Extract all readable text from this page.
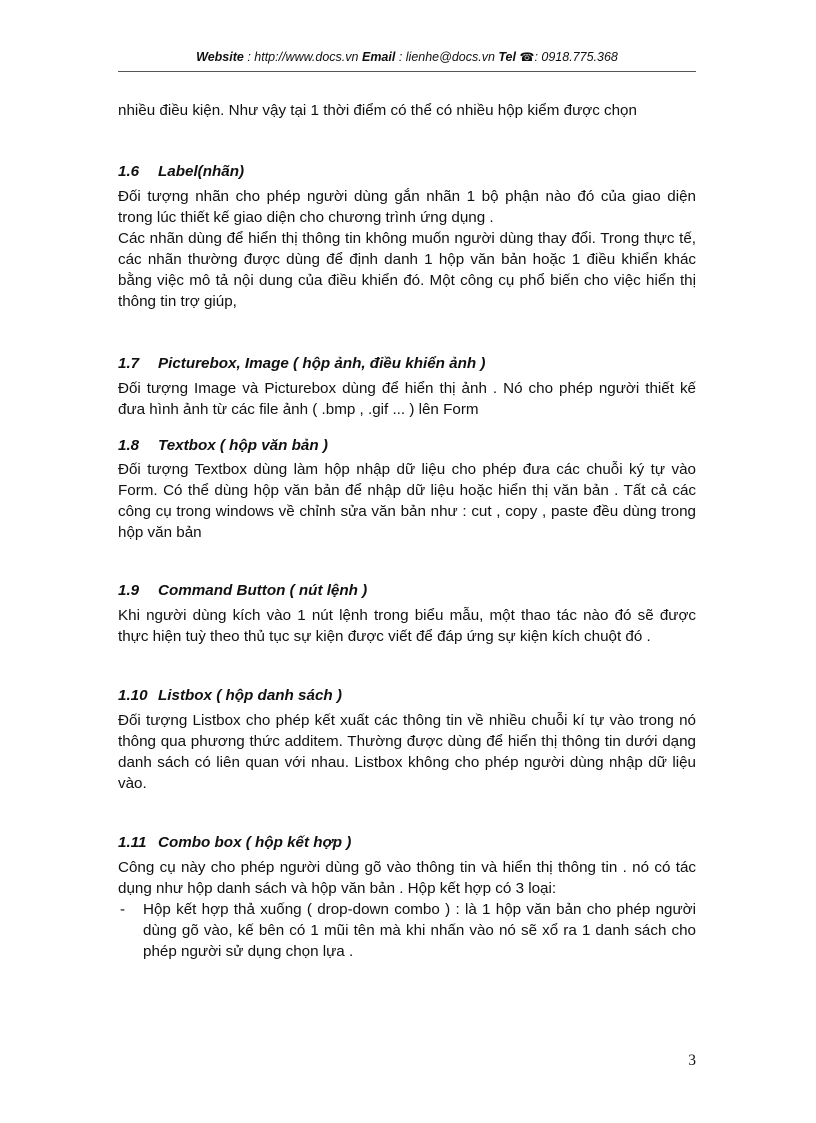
Website : http://www.docs.vn Email : lienhe@docs.vn Tel ☎: 0918.775.368

nhiều điều kiện. Như vậy tại 1 thời điểm có thể có nhiều hộp kiểm được chọn

1.6 Label(nhãn)

Đối tượng nhãn cho phép người dùng gắn nhãn 1 bộ phận nào đó của giao diện trong lúc thiết kế giao diện cho chương trình ứng dụng .

Các nhãn dùng để hiển thị thông tin không muốn người dùng thay đổi. Trong thực tế, các nhãn thường được dùng để định danh 1 hộp văn bản hoặc 1 điều khiển khác bằng việc mô tả nội dung của điều khiển đó. Một công cụ phổ biến cho việc hiển thị thông tin trợ giúp,

1.7 Picturebox, Image ( hộp ảnh, điều khiển ảnh )

Đối tượng Image và Picturebox dùng để hiển thị ảnh . Nó cho phép người thiết kế đưa hình ảnh từ các file ảnh ( .bmp , .gif ... ) lên Form

1.8 Textbox ( hộp văn bản )

Đối tượng Textbox dùng làm hộp nhập dữ liệu cho phép đưa các chuỗi ký tự vào Form. Có thể dùng hộp văn bản để nhập dữ liệu hoặc hiển thị văn bản . Tất cả các công cụ trong windows về chỉnh sửa văn bản như : cut , copy , paste đều dùng trong hộp văn bản

1.9 Command Button ( nút lệnh )

Khi người dùng kích vào 1 nút lệnh trong biểu mẫu, một thao tác nào đó sẽ được thực hiện tuỳ theo thủ tục sự kiện được viết để đáp ứng sự kiện kích chuột đó .

1.10 Listbox ( hộp danh sách )

Đối tượng Listbox cho phép kết xuất các thông tin về nhiều chuỗi kí tự vào trong nó thông qua phương thức additem. Thường được dùng để hiển thị thông tin dưới dạng danh sách có liên quan với nhau. Listbox không cho phép người dùng nhập dữ liệu vào.

1.11 Combo box ( hộp kết hợp )

Công cụ này cho phép người dùng gõ vào thông tin và hiển thị thông tin . nó có tác dụng như hộp danh sách và hộp văn bản . Hộp kết hợp có 3 loại:

- Hộp kết hợp thả xuống ( drop-down combo ) : là 1 hộp văn bản cho phép người dùng gõ vào, kế bên có 1 mũi tên mà khi nhấn vào nó sẽ xổ ra 1 danh sách cho phép người sử dụng chọn lựa .
3
